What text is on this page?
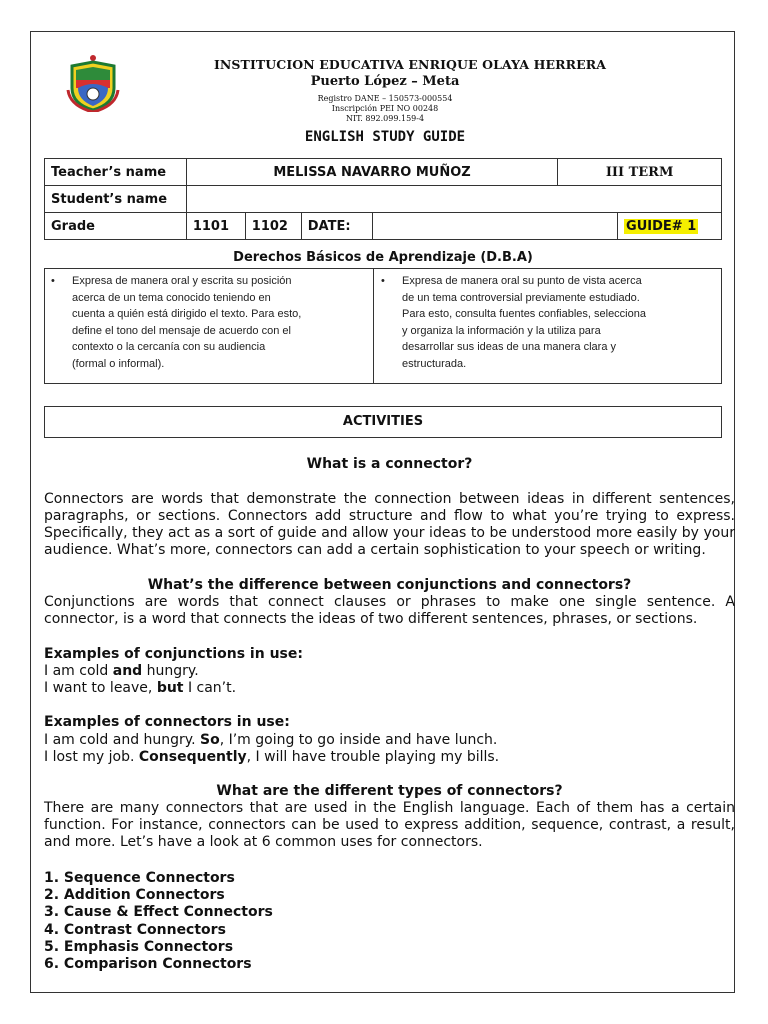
INSTITUCION EDUCATIVA ENRIQUE OLAYA HERRERA
Puerto López – Meta
Registro DANE – 150573-000554
Inscripción PEI NO 00248
NIT. 892.099.159-4
ENGLISH STUDY GUIDE
Teacher’s name	MELISSA NAVARRO MUÑOZ				III TERM	
Student’s name						
Grade	1101	1102	DATE:			GUIDE# 1
Derechos Básicos de Aprendizaje (D.B.A)
• Expresa de manera oral y escrita su posición
acerca de un tema conocido teniendo en
cuenta a quién está dirigido el texto. Para esto,
define el tono del mensaje de acuerdo con el
contexto o la cercanía con su audiencia
(formal o informal).
• Expresa de manera oral su punto de vista acerca
de un tema controversial previamente estudiado.
Para esto, consulta fuentes confiables, selecciona
y organiza la información y la utiliza para
desarrollar sus ideas de una manera clara y
estructurada.
ACTIVITIES
What is a connector?
Connectors are words that demonstrate the connection between ideas in different sentences, paragraphs, or sections. Connectors add structure and flow to what you’re trying to express. Specifically, they act as a sort of guide and allow your ideas to be understood more easily by your audience. What’s more, connectors can add a certain sophistication to your speech or writing.
What’s the difference between conjunctions and connectors?
Conjunctions are words that connect clauses or phrases to make one single sentence. A connector, is a word that connects the ideas of two different sentences, phrases, or sections.
Examples of conjunctions in use:
I am cold and hungry.
I want to leave, but I can’t.
Examples of connectors in use:
I am cold and hungry. So, I’m going to go inside and have lunch.
I lost my job. Consequently, I will have trouble playing my bills.
What are the different types of connectors?
There are many connectors that are used in the English language. Each of them has a certain function. For instance, connectors can be used to express addition, sequence, contrast, a result, and more. Let’s have a look at 6 common uses for connectors.
1. Sequence Connectors
2. Addition Connectors
3. Cause & Effect Connectors
4. Contrast Connectors
5. Emphasis Connectors
6. Comparison Connectors
